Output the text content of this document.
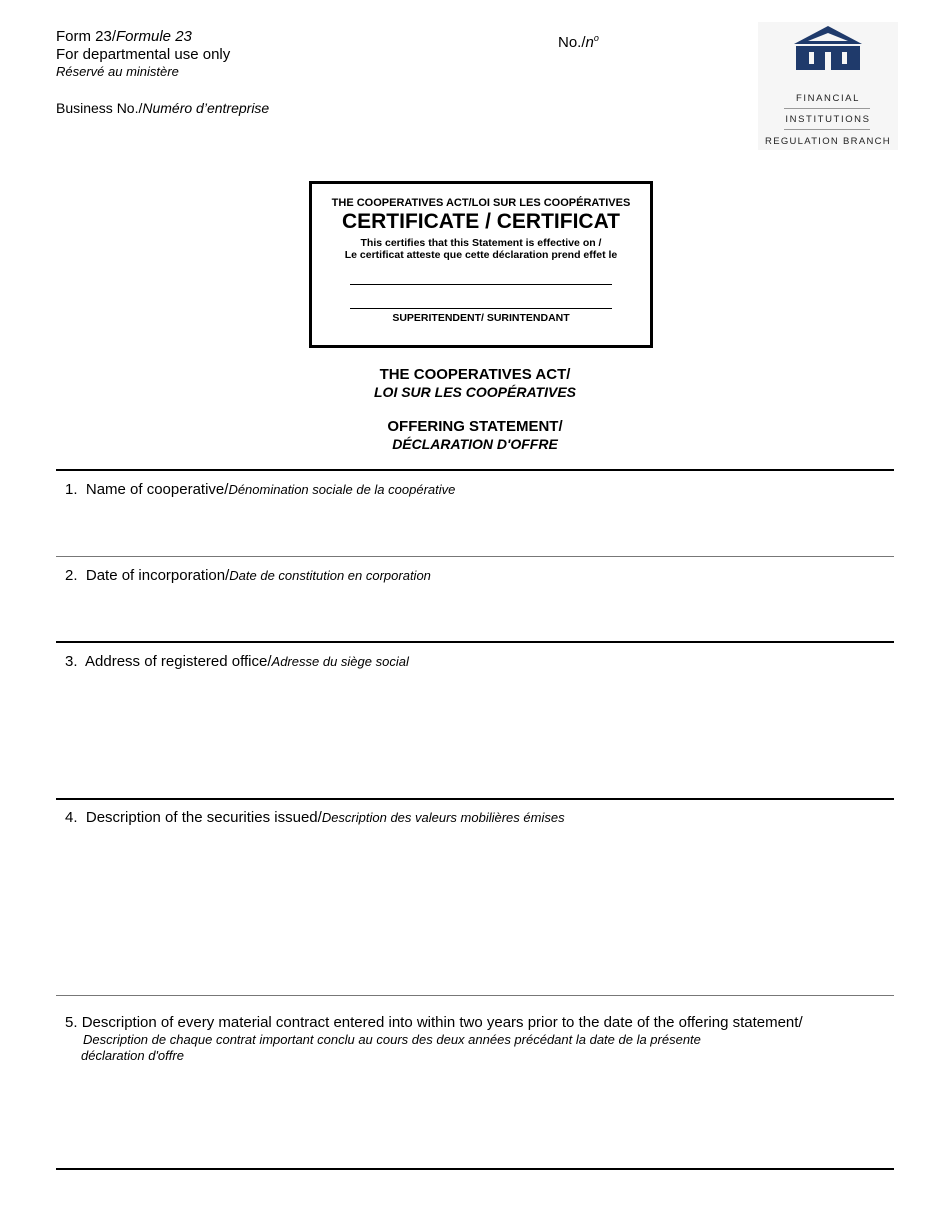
Form 23/Formule 23
For departmental use only
Réservé au ministère
Business No./Numéro d’entreprise
$No./n^o$
FINANCIAL
INSTITUTIONS
REGULATION BRANCH
THE COOPERATIVES ACT/LOI SUR LES COOPÉRATIVES
CERTIFICATE / CERTIFICAT
This certifies that this Statement is effective on /
Le certificat atteste que cette déclaration prend effet le
SUPERITENDENT/ SURINTENDANT
THE COOPERATIVES ACT/
LOI SUR LES COOPÉRATIVES
OFFERING STATEMENT/
DÉCLARATION D'OFFRE
1. Name of cooperative/Dénomination sociale de la coopérative
2. Date of incorporation/Date de constitution en corporation
3. Address of registered office/Adresse du siège social
4. Description of the securities issued/Description des valeurs mobilières émises
5. Description of every material contract entered into within two years prior to the date of the offering statement/
Description de chaque contrat important conclu au cours des deux années précédant la date de la présente
déclaration d'offre
